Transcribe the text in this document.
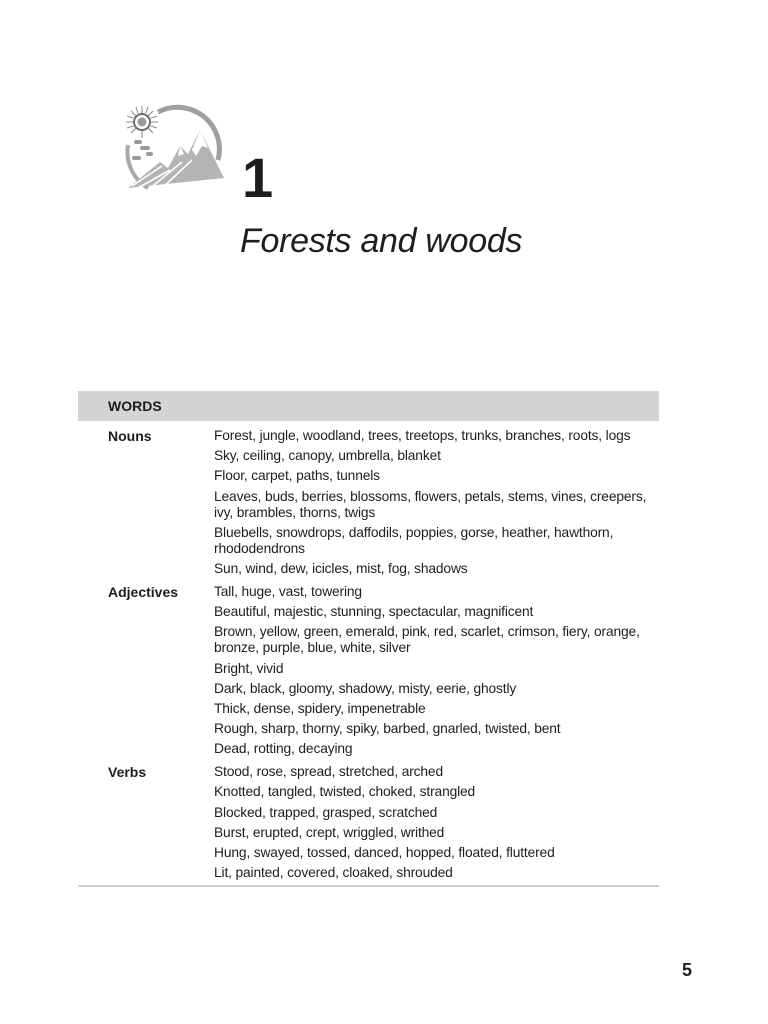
1
Forests and woods
WORDS
Nouns	Forest, jungle, woodland, trees, treetops, trunks, branches, roots, logs
Sky, ceiling, canopy, umbrella, blanket
Floor, carpet, paths, tunnels
Leaves, buds, berries, blossoms, flowers, petals, stems, vines, creepers, ivy, brambles, thorns, twigs
Bluebells, snowdrops, daffodils, poppies, gorse, heather, hawthorn, rhododendrons
Sun, wind, dew, icicles, mist, fog, shadows
Adjectives	Tall, huge, vast, towering
Beautiful, majestic, stunning, spectacular, magnificent
Brown, yellow, green, emerald, pink, red, scarlet, crimson, fiery, orange, bronze, purple, blue, white, silver
Bright, vivid
Dark, black, gloomy, shadowy, misty, eerie, ghostly
Thick, dense, spidery, impenetrable
Rough, sharp, thorny, spiky, barbed, gnarled, twisted, bent
Dead, rotting, decaying
Verbs	Stood, rose, spread, stretched, arched
Knotted, tangled, twisted, choked, strangled
Blocked, trapped, grasped, scratched
Burst, erupted, crept, wriggled, writhed
Hung, swayed, tossed, danced, hopped, floated, fluttered
Lit, painted, covered, cloaked, shrouded
5
